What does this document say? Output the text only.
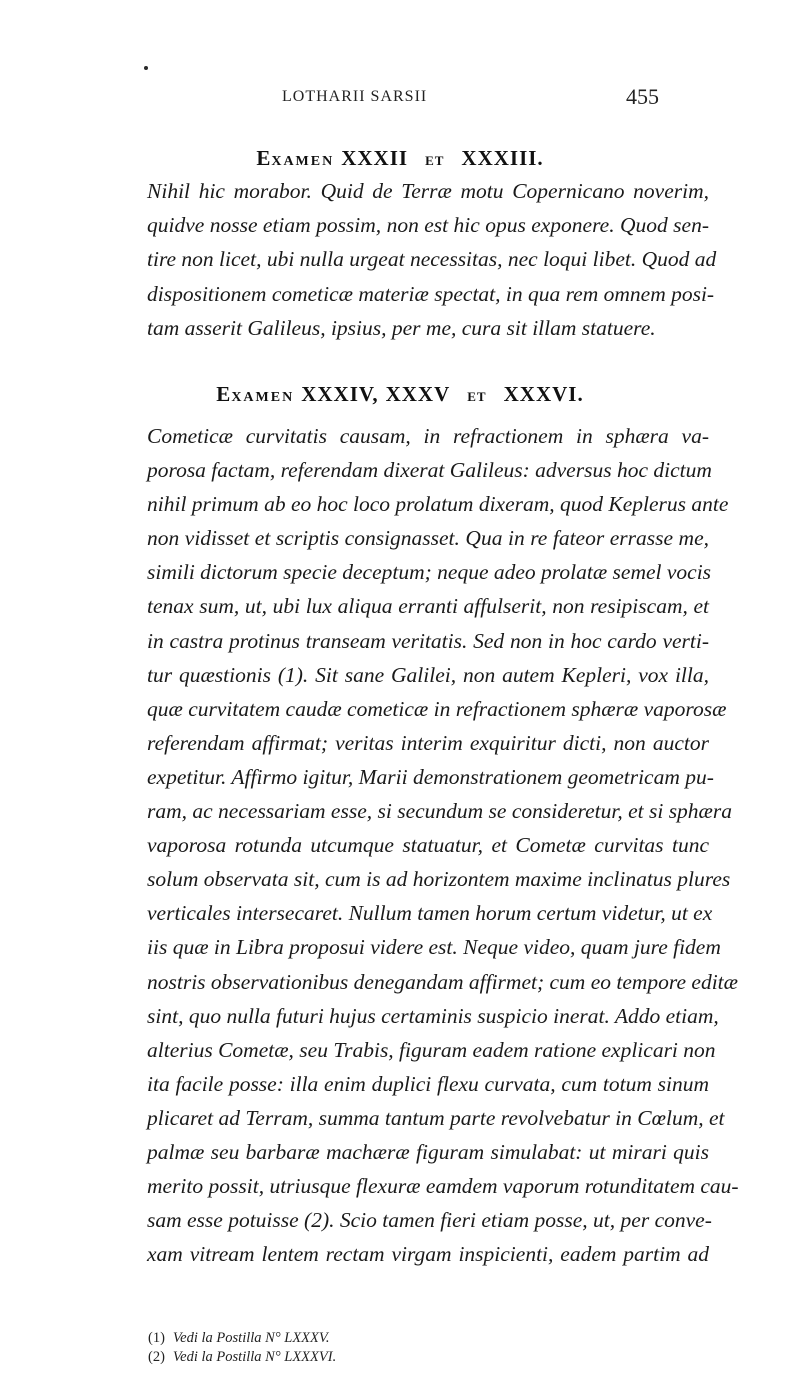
LOTHARII SARSII	455
EXAMEN XXXII ET XXXIII.
Nihil hic morabor. Quid de Terræ motu Copernicano noverim,
quidve nosse etiam possim, non est hic opus exponere. Quod sen-
tire non licet, ubi nulla urgeat necessitas, nec loqui libet. Quod ad
dispositionem cometicæ materiæ spectat, in qua rem omnem posi-
tam asserit Galileus, ipsius, per me, cura sit illam statuere.
EXAMEN XXXIV, XXXV ET XXXVI.
Cometicæ curvitatis causam, in refractionem in sphæra va-
porosa factam, referendam dixerat Galileus: adversus hoc dictum
nihil primum ab eo hoc loco prolatum dixeram, quod Keplerus ante
non vidisset et scriptis consignasset. Qua in re fateor errasse me,
simili dictorum specie deceptum; neque adeo prolatæ semel vocis
tenax sum, ut, ubi lux aliqua erranti affulserit, non resipiscam, et
in castra protinus transeam veritatis. Sed non in hoc cardo verti-
tur quæstionis (1). Sit sane Galilei, non autem Kepleri, vox illa,
quæ curvitatem caudæ cometicæ in refractionem sphæræ vaporosæ
referendam affirmat; veritas interim exquiritur dicti, non auctor
expetitur. Affirmo igitur, Marii demonstrationem geometricam pu-
ram, ac necessariam esse, si secundum se consideretur, et si sphæra
vaporosa rotunda utcumque statuatur, et Cometæ curvitas tunc
solum observata sit, cum is ad horizontem maxime inclinatus plures
verticales intersecaret. Nullum tamen horum certum videtur, ut ex
iis quæ in Libra proposui videre est. Neque video, quam jure fidem
nostris observationibus denegandam affirmet; cum eo tempore editæ
sint, quo nulla futuri hujus certaminis suspicio inerat. Addo etiam,
alterius Cometæ, seu Trabis, figuram eadem ratione explicari non
ita facile posse: illa enim duplici flexu curvata, cum totum sinum
plicaret ad Terram, summa tantum parte revolvebatur in Cœlum, et
palmæ seu barbaræ machæræ figuram simulabat: ut mirari quis
merito possit, utriusque flexuræ eamdem vaporum rotunditatem cau-
sam esse potuisse (2). Scio tamen fieri etiam posse, ut, per conve-
xam vitream lentem rectam virgam inspicienti, eadem partim ad
(1) Vedi la Postilla N° LXXXV.
(2) Vedi la Postilla N° LXXXVI.
